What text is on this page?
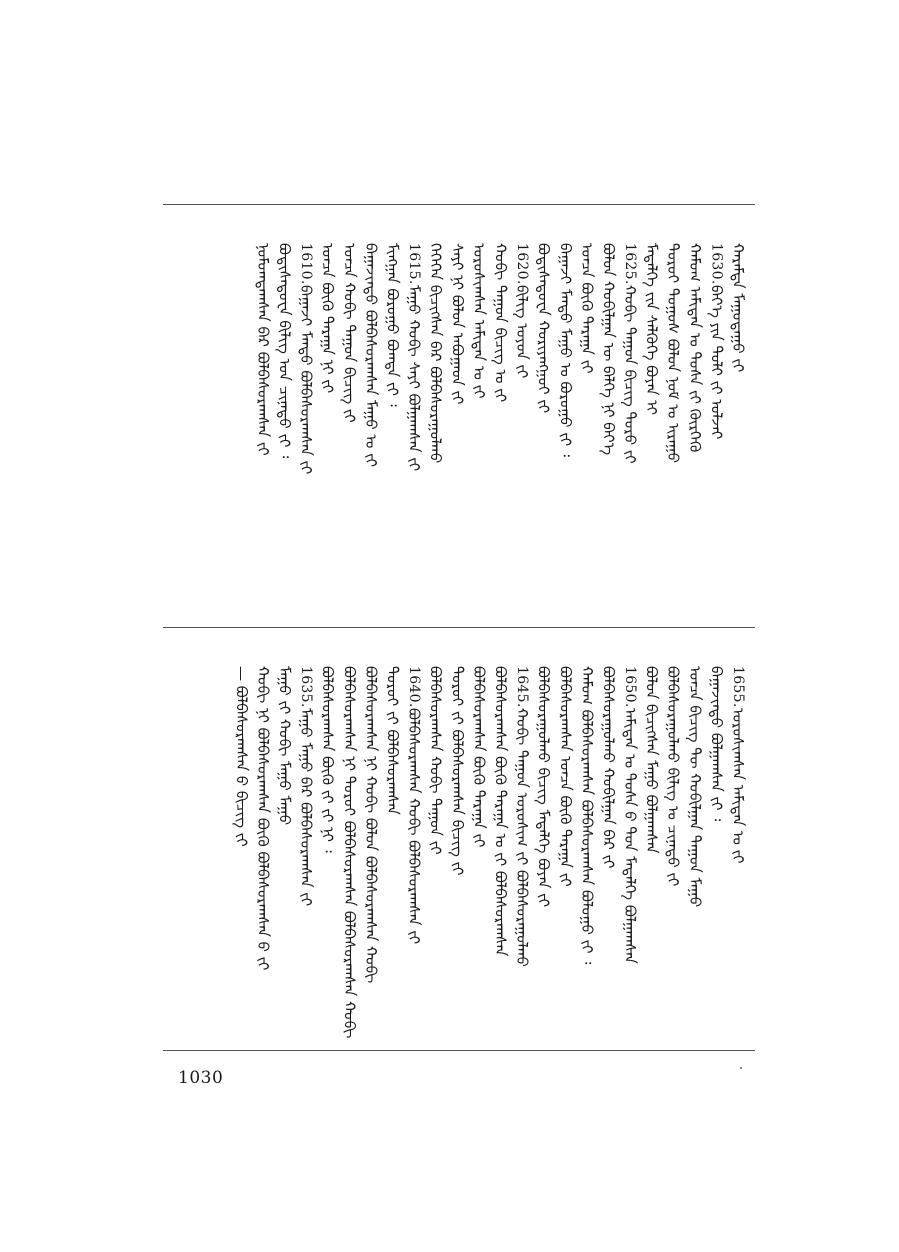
ᠬᠠᠷᠠᠮᠲᠠ ᠮᠠᠭᠤᠳᠠᠭᠤ ᠶ᠋ᠢ
1630.
ᠪᠡᠶ᠎ᠡ ᠶᠢᠨ ᠲᠣᠯᠢ ᠶ᠋ᠢ ᠣᠯᠵᠠᠢ
ᠬᠠᠮᠤᠭ ᠠᠮᠢᠲᠠᠨ ᠤ ᠲᠤᠰᠠ ᠶ᠋ᠢ ᠬᠦᠷᠭᠡᠬᠦ
ᠳᠣᠷᠤᠢ ᠲᠤᠭᠤᠰ ᠪᠣᠯᠤᠨ ᠨᠣᠮ ᠤ ᠢᠷᠠᠭᠤ
ᠮᠡᠳᠡᠯᠭᠡ ᠶ᠋ᠢᠨ ᠰᠡᠯᠭᠦᠭᠡ ᠪᠤᠶᠠᠨ ᠢ
1625.
ᠬᠤᠪᠢ ᠳᠠᠭᠤᠨ ᠪᠢᠴᠢᠭ ᠳᠣᠷᠣ ᠶ᠋ᠢ
ᠪᠣᠯᠤᠨ ᠬᠤᠪᠢᠯᠭᠠᠨ ᠦ ᠪᠡᠯᠭᠡ ᠨᠢ ᠪᠡᠶ᠎ᠡ
ᠣᠨᠴᠠ ᠪᠦᠬᠦ ᠳᠠᠷᠠᠭᠠ ᠶ᠋ᠢ
ᠪᠠᠭᠠᠵᠢ ᠮᠡᠨᠳᠦ ᠮᠠᠭᠤ ᠤ ᠪᠤᠷᠤᠭᠤ ᠶ᠋ᠢ ᠄
ᠪᠣᠳᠢᠰᠠᠳᠤᠸᠠ ᠬᠤᠷᠢᠶᠠᠩᠭᠤᠢ ᠶ᠋ᠢ
1620.
ᠪᠢᠯᠢᠭ ᠣᠶᠤᠨ ᠶ᠋ᠢ
ᠬᠤᠪᠢ ᠳᠠᠭᠤᠨ ᠪᠢᠴᠢᠭ ᠤ ᠶ᠋ᠢ
ᠣᠷᠣᠰᠢᠭᠰᠠᠨ ᠠᠮᠢᠲᠠᠨ ᠤ ᠶ᠋ᠢ
ᠰᠠᠶᠢ ᠨᠢ ᠪᠣᠯᠤᠨ ᠠᠪᠤᠭᠠᠳ ᠶ᠋ᠢ
ᠭᠡᠭᠡᠭᠡᠨ ᠪᠢᠴᠢᠭᠰᠡᠨ ᠪᠡᠷ ᠪᠣᠯᠪᠠᠰᠤᠷᠠᠭᠤᠯᠬᠤ
1615.
ᠮᠠᠭᠤ ᠬᠤᠪᠢ ᠰᠠᠶᠢ ᠪᠣᠯᠭᠠᠭᠰᠠᠨ ᠶ᠋ᠢ
ᠮᠢᠩᠭᠠᠨ ᠪᠣᠷᠣᠭᠤ ᠪᠣᠭᠳᠠ ᠶ᠋ᠢ ᠄
ᠪᠠᠭᠠᠵᠢᠨᠳᠤ ᠪᠣᠯᠪᠠᠰᠤᠷᠠᠭᠰᠠᠨ ᠮᠠᠭᠤ ᠤ ᠶ᠋ᠢ
ᠣᠨᠴᠠ ᠬᠤᠪᠢ ᠳᠠᠭᠤᠨ ᠪᠢᠴᠢᠭ ᠶ᠋ᠢ
ᠣᠨᠴᠠ ᠪᠦᠬᠦ ᠳᠠᠷᠠᠭᠠ ᠨᠢ ᠶ᠋ᠢ
1610.
ᠪᠠᠭᠠᠵᠢ ᠮᠡᠨᠳᠦ ᠪᠣᠯᠪᠠᠰᠤᠷᠠᠭᠰᠠᠨ ᠶ᠋ᠢ
ᠪᠣᠳᠢᠰᠠᠳᠤᠸᠠ ᠪᠢᠯᠢᠭ ᠤᠨ ᠴᠢᠨᠠᠳᠤ ᠶ᠋ᠢ ᠄
ᠨᠣᠮᠤᠭᠳᠠᠭᠰᠠᠨ ᠪᠡᠷ ᠪᠣᠯᠪᠠᠰᠤᠷᠠᠭᠰᠠᠨ ᠶ᠋ᠢ
1655.
ᠣᠷᠣᠰᠢᠭᠰᠠᠨ ᠠᠮᠢᠲᠠᠨ ᠤ ᠶ᠋ᠢ
ᠪᠠᠭᠠᠵᠢᠨᠳᠤ ᠪᠣᠯᠭᠠᠭᠰᠠᠨ ᠶ᠋ᠢ ᠄
ᠣᠨᠴᠠ ᠪᠢᠴᠢᠭ ᠲᠦ ᠬᠤᠪᠢᠯᠭᠠᠨ ᠳᠠᠭᠤᠨ ᠮᠠᠭᠤ
ᠪᠣᠯᠪᠠᠰᠤᠷᠠᠭᠤᠯᠬᠤ ᠪᠢᠯᠢᠭ ᠤ ᠴᠢᠨᠠᠳᠤ ᠶ᠋ᠢ
ᠪᠣᠯᠤᠨ ᠪᠢᠴᠢᠭᠰᠡᠨ ᠮᠠᠭᠤ ᠪᠣᠯᠭᠠᠭᠰᠠᠨ
1650.
ᠠᠮᠢᠲᠠᠨ ᠤ ᠲᠤᠰᠠ ᠪ ᠳᠤᠨ ᠮᠡᠳᠡᠯᠭᠡ ᠪᠣᠯᠭᠠᠭᠰᠠᠨ
ᠪᠣᠯᠪᠠᠰᠤᠷᠠᠭᠤᠯᠬᠤ ᠬᠤᠪᠢᠯᠭᠠᠨ ᠪᠡᠷ ᠶ᠋ᠢ
ᠬᠠᠮᠤᠭ ᠪᠣᠯᠪᠠᠰᠤᠷᠠᠭᠰᠠᠨ ᠪᠣᠯᠪᠠᠰᠤᠷᠠᠭᠰᠠᠨ ᠪᠣᠯᠤᠭᠤ ᠶ᠋ᠢ ᠄
ᠪᠣᠯᠪᠠᠰᠤᠷᠠᠭᠰᠠᠨ ᠣᠨᠴᠠ ᠪᠦᠬᠦ ᠳᠠᠷᠠᠭᠠ ᠶ᠋ᠢ
ᠪᠣᠯᠪᠠᠰᠤᠷᠠᠭᠤᠯᠬᠤ ᠪᠢᠴᠢᠭ ᠮᠡᠳᠡᠯᠭᠡ ᠪᠤᠶᠠᠨ ᠶ᠋ᠢ
1645.
ᠬᠤᠪᠢ ᠳᠠᠭᠤᠨ ᠣᠷᠣᠰᠢᠭ ᠶ᠋ᠢ ᠪᠣᠯᠪᠠᠰᠤᠷᠠᠭᠤᠯᠬᠤ
ᠪᠣᠯᠪᠠᠰᠤᠷᠠᠭᠰᠠᠨ ᠪᠦᠬᠦ ᠳᠠᠷᠠᠭᠠ ᠤ ᠶ᠋ᠢ ᠪᠣᠯᠪᠠᠰᠤᠷᠠᠭᠰᠠᠨ
ᠪᠣᠯᠪᠠᠰᠤᠷᠠᠭᠰᠠᠨ ᠪᠦᠬᠦ ᠳᠠᠷᠠᠭᠠ ᠶ᠋ᠢ
ᠳᠣᠷᠣᠢ ᠶ᠋ᠢ ᠪᠣᠯᠪᠠᠰᠤᠷᠠᠭᠰᠠᠨ ᠪᠢᠴᠢᠭ ᠶ᠋ᠢ
ᠪᠣᠯᠪᠠᠰᠤᠷᠠᠭᠰᠠᠨ ᠬᠤᠪᠢ ᠳᠠᠭᠤᠨ ᠶ᠋ᠢ
1640.
ᠪᠣᠯᠪᠠᠰᠤᠷᠠᠭᠰᠠᠨ ᠬᠤᠪᠢ ᠪᠣᠯᠪᠠᠰᠤᠷᠠᠭᠰᠠᠨ ᠶ᠋ᠢ
ᠳᠣᠷᠣᠢ ᠶ᠋ᠢ ᠪᠣᠯᠪᠠᠰᠤᠷᠠᠭᠰᠠᠨ
ᠪᠣᠯᠪᠠᠰᠤᠷᠠᠭᠰᠠᠨ ᠨᠢ ᠬᠤᠪᠢ ᠪᠣᠯᠤᠨ ᠪᠣᠯᠪᠠᠰᠤᠷᠠᠭᠰᠠᠨ ᠬᠤᠪᠢ
ᠪᠣᠯᠪᠠᠰᠤᠷᠠᠭᠰᠠᠨ ᠨᠢ ᠳᠣᠷᠣᠢ ᠪᠣᠯᠪᠠᠰᠤᠷᠠᠭᠰᠠᠨ ᠪᠣᠯᠪᠠᠰᠤᠷᠠᠭᠰᠠᠨ ᠬᠤᠪᠢ
ᠪᠣᠯᠪᠠᠰᠤᠷᠠᠭᠰᠠᠨ ᠪᠦᠬᠦ ᠶ᠋ᠢ ᠶ᠋ᠢ ᠨᠢ ᠄
1635.
ᠮᠠᠭᠤ ᠮᠠᠭᠤ ᠪᠡᠷ ᠪᠣᠯᠪᠠᠰᠤᠷᠠᠭᠰᠠᠨ ᠶ᠋ᠢ
ᠮᠠᠭᠤ ᠶ᠋ᠢ ᠬᠤᠪᠢ ᠮᠠᠭᠤ ᠮᠠᠭᠤ
ᠬᠤᠪᠢ ᠨᠢ ᠪᠣᠯᠪᠠᠰᠤᠷᠠᠭᠰᠠᠨ ᠪᠦᠬᠦ ᠪᠣᠯᠪᠠᠰᠤᠷᠠᠭᠰᠠᠨ ᠪ ᠶ᠋ᠢ
— ᠪᠣᠯᠪᠠᠰᠤᠷᠠᠭᠰᠠᠨ ᠪ ᠪᠢᠴᠢᠭ ᠶ᠋ᠢ
1030
